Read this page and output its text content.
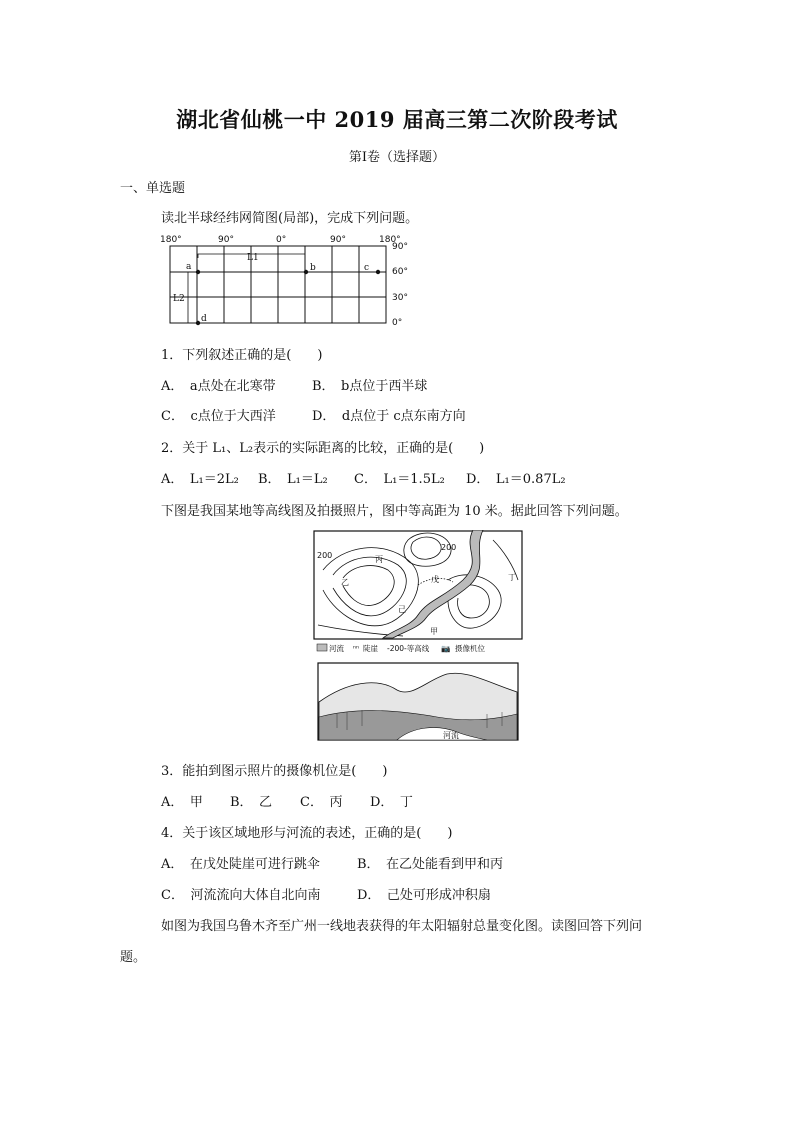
湖北省仙桃一中 2019 届高三第二次阶段考试
第Ⅰ卷（选择题）
一、单选题
读北半球经纬网简图(局部)，完成下列问题。
180°	90°	0°	90°	180°
90°
60°
30°
0°
a	b	c
d
L1
L2
1．下列叙述正确的是(　　)
A．　a点处在北寒带	B．　b点位于西半球
C．　c点位于大西洋	D．　d点位于 c点东南方向
2．关于 L₁、L₂表示的实际距离的比较，正确的是(　　)
A．　L₁＝2L₂ B．　L₁＝L₂ C．　L₁＝1.5L₂ D．　L₁＝0.87L₂
下图是我国某地等高线图及拍摄照片，图中等高距为 10 米。据此回答下列问题。
200
200
甲
乙
丙
丁
戊
己
河流 ⁿⁿ 陡崖 -200-等高线 📷 摄像机位
河流
3．能拍到图示照片的摄像机位是(　　)
A．　甲 B．　乙 C．　丙 D．　丁
4．关于该区域地形与河流的表述，正确的是(　　)
A．　在戊处陡崖可进行跳伞	B．　在乙处能看到甲和丙
C．　河流流向大体自北向南	D．　己处可形成冲积扇
如图为我国乌鲁木齐至广州一线地表获得的年太阳辐射总量变化图。读图回答下列问
题。
